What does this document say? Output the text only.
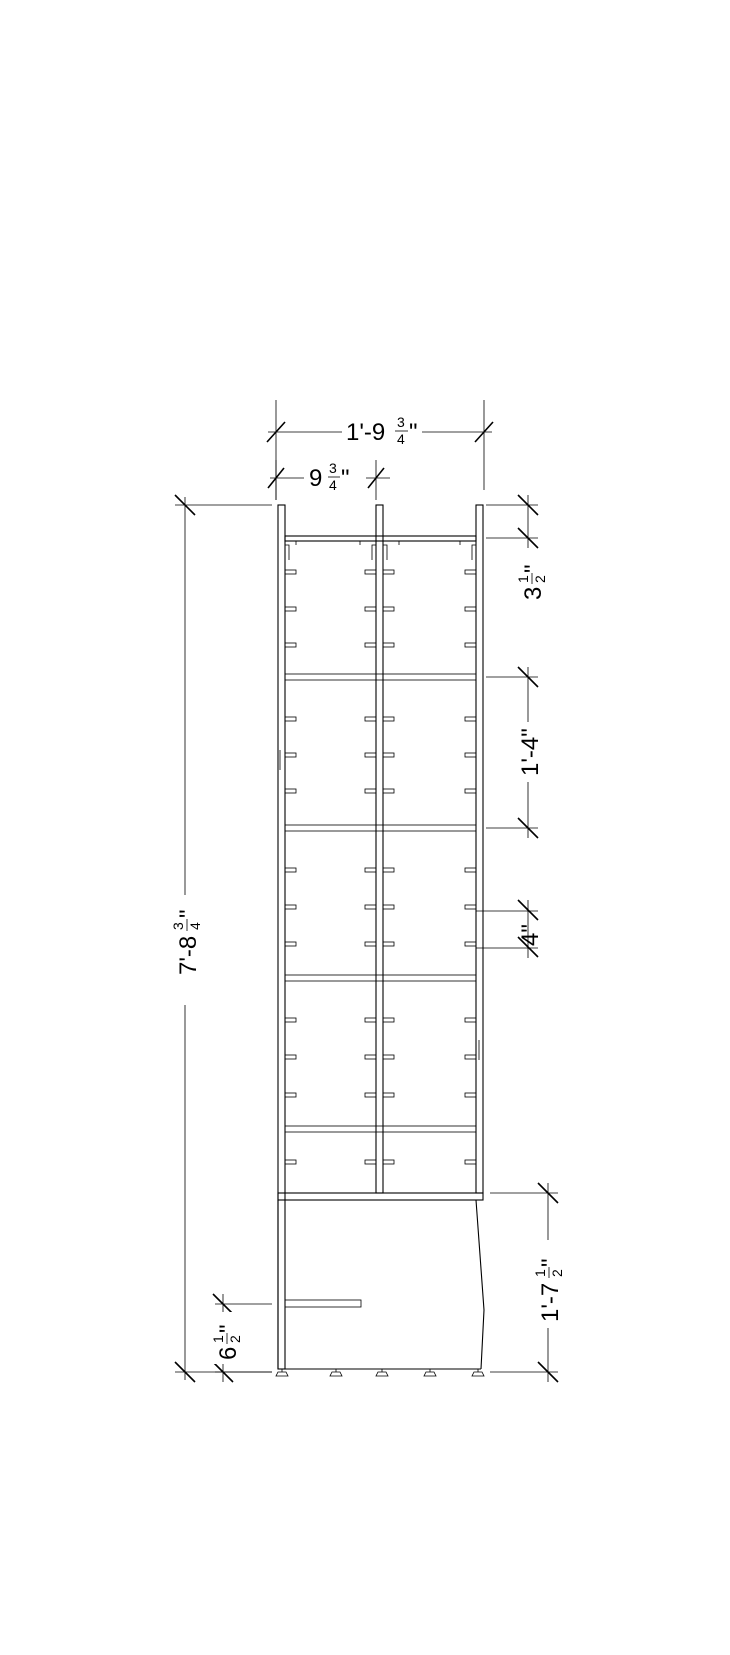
1'-9 3
4 "
9 3
4 "
7'-8
3 4
"
3
1 2
"
1'-4"
4"
1'-7
1 2
"
6
1 2
"
